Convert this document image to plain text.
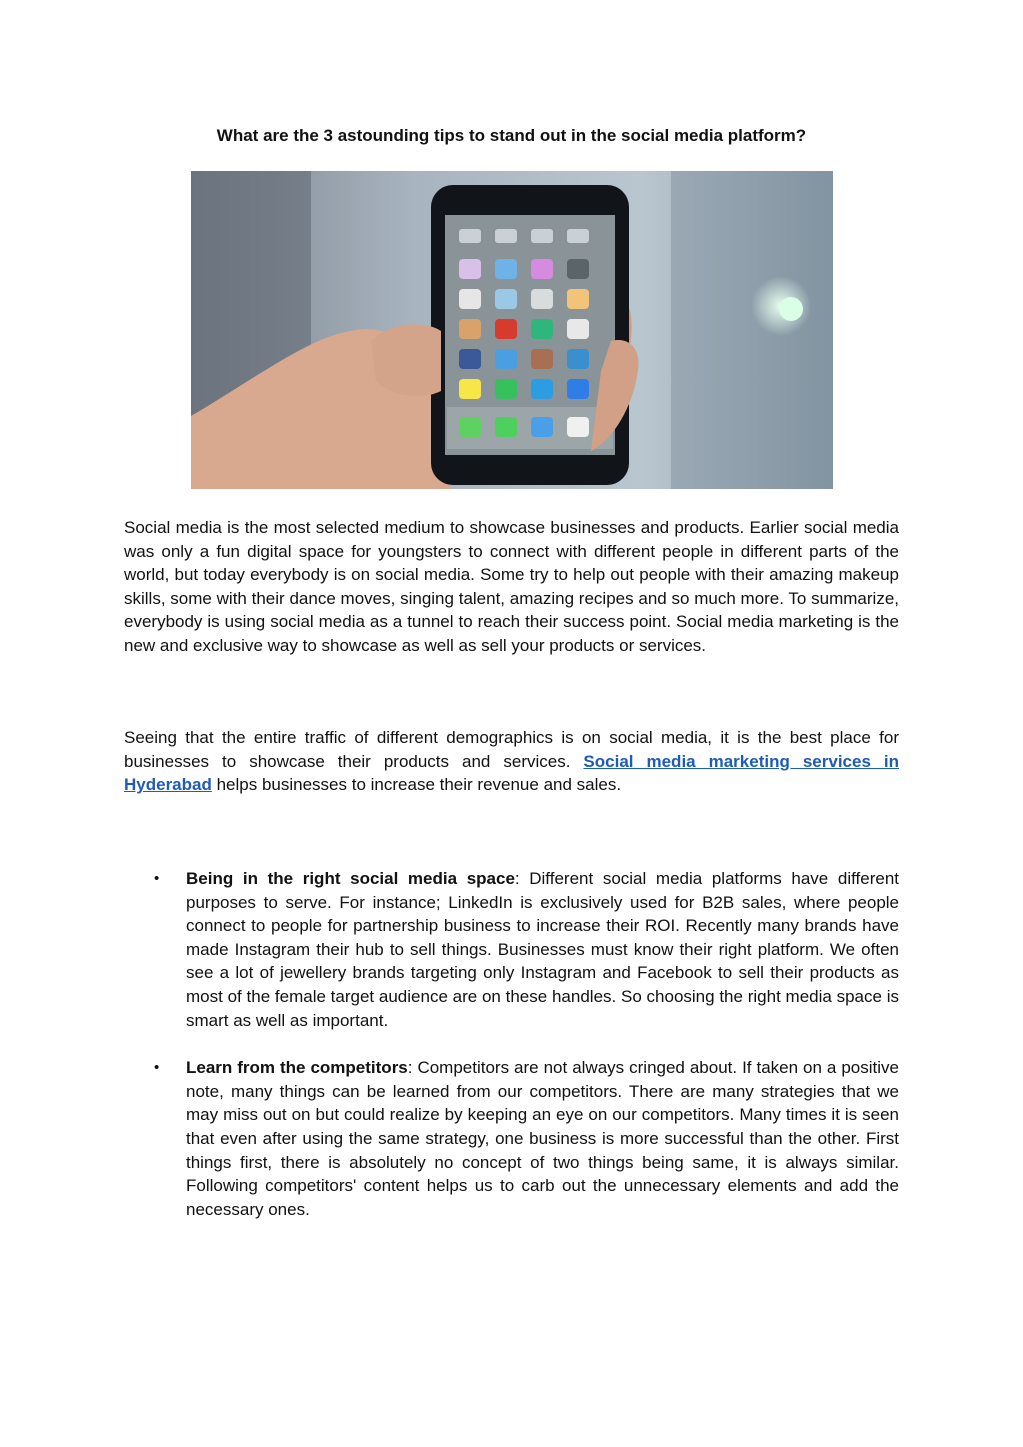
What are the 3 astounding tips to stand out in the social media platform?

Social media is the most selected medium to showcase businesses and products. Earlier social media was only a fun digital space for youngsters to connect with different people in different parts of the world, but today everybody is on social media. Some try to help out people with their amazing makeup skills, some with their dance moves, singing talent, amazing recipes and so much more. To summarize, everybody is using social media as a tunnel to reach their success point. Social media marketing is the new and exclusive way to showcase as well as sell your products or services.

Seeing that the entire traffic of different demographics is on social media, it is the best place for businesses to showcase their products and services. Social media marketing services in Hyderabad helps businesses to increase their revenue and sales.

• Being in the right social media space: Different social media platforms have different purposes to serve. For instance; LinkedIn is exclusively used for B2B sales, where people connect to people for partnership business to increase their ROI. Recently many brands have made Instagram their hub to sell things. Businesses must know their right platform. We often see a lot of jewellery brands targeting only Instagram and Facebook to sell their products as most of the female target audience are on these handles. So choosing the right media space is smart as well as important.
• Learn from the competitors: Competitors are not always cringed about. If taken on a positive note, many things can be learned from our competitors. There are many strategies that we may miss out on but could realize by keeping an eye on our competitors. Many times it is seen that even after using the same strategy, one business is more successful than the other. First things first, there is absolutely no concept of two things being same, it is always similar. Following competitors' content helps us to carb out the unnecessary elements and add the necessary ones.
